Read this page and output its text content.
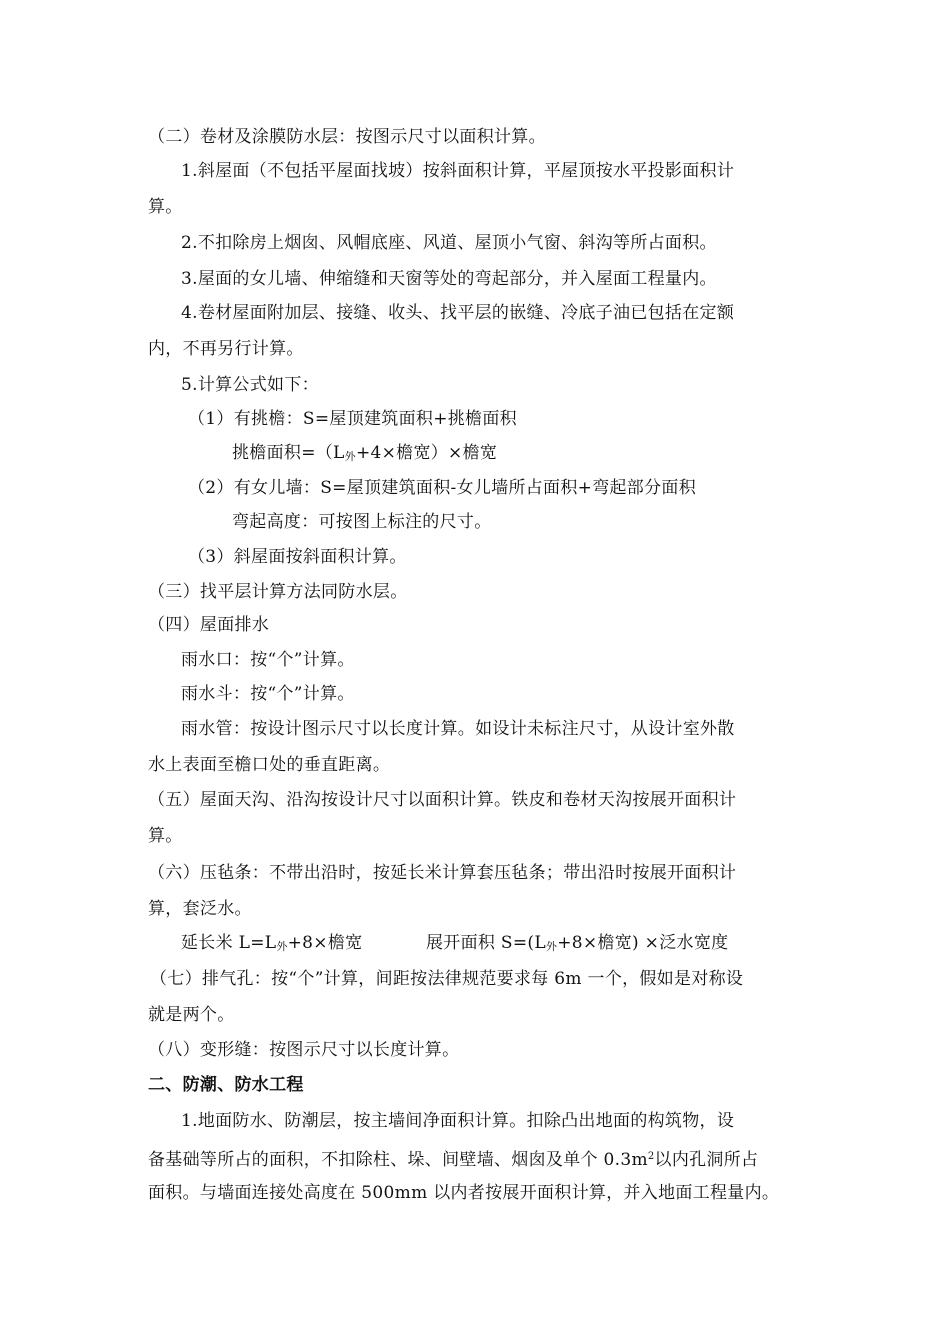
（二）卷材及涂膜防水层：按图示尺寸以面积计算。
1.斜屋面（不包括平屋面找坡）按斜面积计算，平屋顶按水平投影面积计
算。
2.不扣除房上烟囱、风帽底座、风道、屋顶小气窗、斜沟等所占面积。
3.屋面的女儿墙、伸缩缝和天窗等处的弯起部分，并入屋面工程量内。
4.卷材屋面附加层、接缝、收头、找平层的嵌缝、冷底子油已包括在定额
内，不再另行计算。
5.计算公式如下：
（1）有挑檐：S=屋顶建筑面积+挑檐面积
挑檐面积$=(L_外+4\times$檐宽）×檐宽
（2）有女儿墙：S=屋顶建筑面积-女儿墙所占面积+弯起部分面积
弯起高度：可按图上标注的尺寸。
（3）斜屋面按斜面积计算。
（三）找平层计算方法同防水层。
（四）屋面排水
雨水口：按“个”计算。
雨水斗：按“个”计算。
雨水管：按设计图示尺寸以长度计算。如设计未标注尺寸，从设计室外散
水上表面至檐口处的垂直距离。
（五）屋面天沟、沿沟按设计尺寸以面积计算。铁皮和卷材天沟按展开面积计
算。
（六）压毡条：不带出沿时，按延长米计算套压毡条；带出沿时按展开面积计
算，套泛水。
延长米 $L=L_外+8\times$檐宽	展开面积 $S=(L_外+8\times$檐宽) ×泛水宽度
（七）排气孔：按“个”计算，间距按法律规范要求每 6m 一个，假如是对称设
就是两个。
（八）变形缝：按图示尺寸以长度计算。
二、防潮、防水工程
1.地面防水、防潮层，按主墙间净面积计算。扣除凸出地面的构筑物，设
备基础等所占的面积，不扣除柱、垛、间壁墙、烟囱及单个 $0.3m^2$以内孔洞所占
面积。与墙面连接处高度在 500mm 以内者按展开面积计算，并入地面工程量内。
